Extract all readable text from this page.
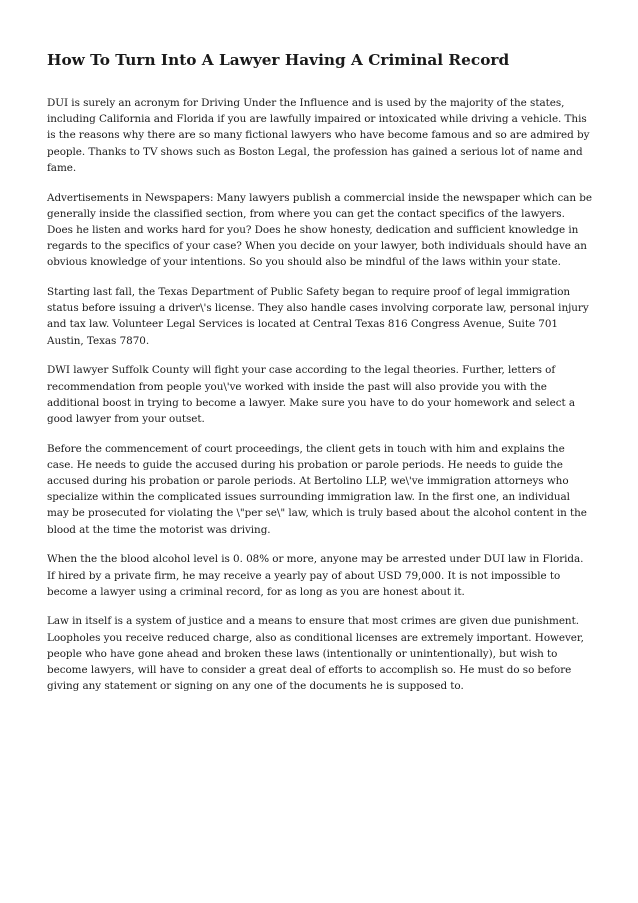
How To Turn Into A Lawyer Having A Criminal Record

DUI is surely an acronym for Driving Under the Influence and is used by the majority of the states, including California and Florida if you are lawfully impaired or intoxicated while driving a vehicle. This is the reasons why there are so many fictional lawyers who have become famous and so are admired by people. Thanks to TV shows such as Boston Legal, the profession has gained a serious lot of name and fame.

Advertisements in Newspapers: Many lawyers publish a commercial inside the newspaper which can be generally inside the classified section, from where you can get the contact specifics of the lawyers. Does he listen and works hard for you? Does he show honesty, dedication and sufficient knowledge in regards to the specifics of your case? When you decide on your lawyer, both individuals should have an obvious knowledge of your intentions. So you should also be mindful of the laws within your state.

Starting last fall, the Texas Department of Public Safety began to require proof of legal immigration status before issuing a driver\'s license. They also handle cases involving corporate law, personal injury and tax law. Volunteer Legal Services is located at Central Texas 816 Congress Avenue, Suite 701 Austin, Texas 7870.

DWI lawyer Suffolk County will fight your case according to the legal theories. Further, letters of recommendation from people you\'ve worked with inside the past will also provide you with the additional boost in trying to become a lawyer. Make sure you have to do your homework and select a good lawyer from your outset.

Before the commencement of court proceedings, the client gets in touch with him and explains the case. He needs to guide the accused during his probation or parole periods. He needs to guide the accused during his probation or parole periods. At Bertolino LLP, we\'ve immigration attorneys who specialize within the complicated issues surrounding immigration law. In the first one, an individual may be prosecuted for violating the \"per se\" law, which is truly based about the alcohol content in the blood at the time the motorist was driving.

When the the blood alcohol level is 0. 08% or more, anyone may be arrested under DUI law in Florida. If hired by a private firm, he may receive a yearly pay of about USD 79,000. It is not impossible to become a lawyer using a criminal record, for as long as you are honest about it.

Law in itself is a system of justice and a means to ensure that most crimes are given due punishment. Loopholes you receive reduced charge, also as conditional licenses are extremely important. However, people who have gone ahead and broken these laws (intentionally or unintentionally), but wish to become lawyers, will have to consider a great deal of efforts to accomplish so. He must do so before giving any statement or signing on any one of the documents he is supposed to.
